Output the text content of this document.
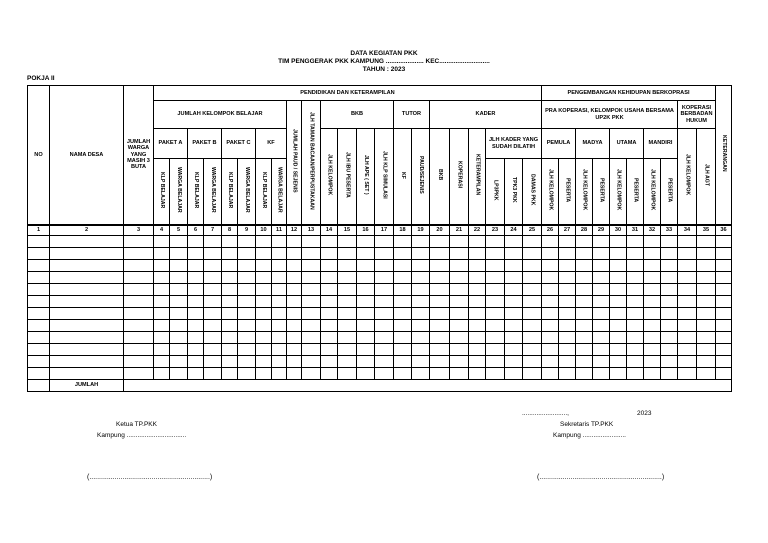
DATA KEGIATAN PKK
TIM PENGGERAK PKK KAMPUNG ..................... KEC............................
TAHUN : 2023
POKJA II
NO	NAMA DESA	JUMLAH WARGA YANG MASIH 3 BUTA	PENDIDIKAN DAN KETERAMPILAN																						PENGEMBANGAN KEHIDUPAN BERKOPRASI										KETERANGAN
			JUMLAH KELOMPOK BELAJAR								JUMLAH PAUD / SEJENIS	JLH TAMAN BACAAN/PERPUSTAKAAN	BKB				TUTOR		KADER						PRA KOPERASI, KELOMPOK USAHA BERSAMA UP2K PKK								KOPERASI BERBADAN HUKUM		
			PAKET A		PAKET B		PAKET C		KF				JLH KELOMPOK	JLH IBU PESERTA	JLH APE ( SET )	JLH KLP SIMULASI	KF	PAUD/SEJENIS	BKB	KOPERASI	KETERAMPILAN	JLH KADER YANG SUDAH DILATIH			PEMULA		MADYA		UTAMA		MANDIRI		JLH KELOMPOK	JLH AGT	
			KLP BELAJAR	WARGA BELAJAR	KLP BELAJAR	WARGA BELAJAR	KLP BELAJAR	WARGA BELAJAR	KLP BELAJAR	WARGA BELAJAR												LP3PKK	TPK3 PKK	DAMAS PKK	JLH KELOMPOK	PESERTA	JLH KELOMPOK	PESERTA	JLH KELOMPOK	PESERTA	JLH KELOMPOK	PESERTA			
1	2	3	4	5	6	7	8	9	10	11	12	13	14	15	16	17	18	19	20	21	22	23	24	25	26	27	28	29	30	31	32	33	34	35	36

	JUMLAH																																		
.........................,	2023
Ketua TP.PKK
Kampung .................................
Sekretaris TP.PKK
Kampung ........................
(..............................................................)	(...............................................................)
